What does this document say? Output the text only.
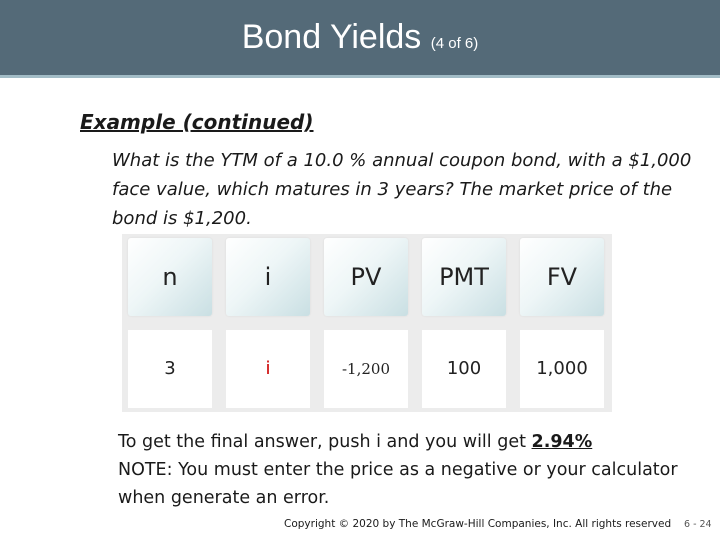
Bond Yields (4 of 6)
Example (continued)
What is the YTM of a 10.0 % annual coupon bond, with a $1,000 face value, which matures in 3 years? The market price of the bond is $1,200.
n	i	PV	PMT	FV
3	i	-1,200	100	1,000
To get the final answer, push i and you will get 2.94%
NOTE: You must enter the price as a negative or your calculator when generate an error.
Copyright © 2020 by The McGraw-Hill Companies, Inc. All rights reserved 6 - 24
